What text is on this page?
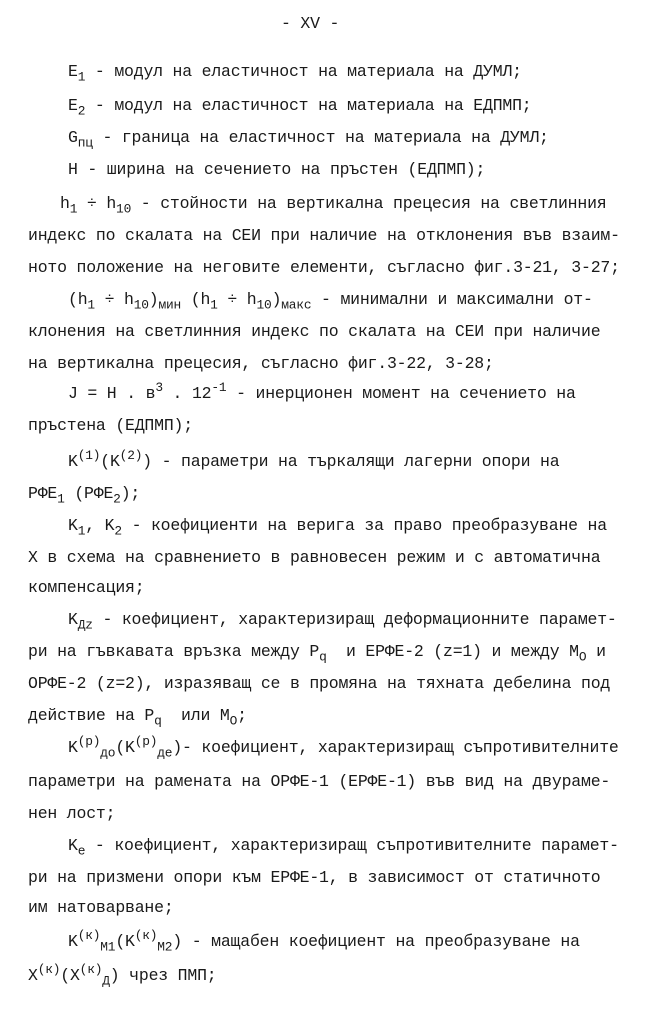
- XV -
$E_1$ - модул на еластичност на материала на ДУМЛ;
$E_2$ - модул на еластичност на материала на ЕДПМП;
$G_{пц}$ - граница на еластичност на материала на ДУМЛ;
H - ширина на сечението на пръстен (ЕДПМП);
$h_1 \div h_{10}$ - стойности на вертикална прецесия на светлинния
индекс по скалата на СЕИ при наличие на отклонения във взаим-
ното положение на неговите елементи, съгласно фиг.3-21, 3-27;
$(h_1 \div h_{10})_{мин}$ $(h_1 \div h_{10})_{макс}$ - минимални и максимални от-
клонения на светлинния индекс по скалата на СЕИ при наличие
на вертикална прецесия, съгласно фиг.3-22, 3-28;
J = H . $в^3$ . $12^{-1}$ - инерционен момент на сечението на
пръстена (ЕДПМП);
$K^{(1)}(K^{(2)})$ - параметри на търкалящи лагерни опори на
$РФЕ_1$ $(РФЕ_2)$;
$K_1$, $K_2$ - коефициенти на верига за право преобразуване на
X в схема на сравнението в равновесен режим и с автоматична
компенсация;
$K_{Дz}$ - коефициент, характеризиращ деформационните парамет-
ри на гъвкавата връзка между $P_q$  и ЕРФЕ-2 (z=1) и между $M_O$ и
ОРФЕ-2 (z=2), изразяващ се в промяна на тяхната дебелина под
действие на $P_q$  или $M_O$;
$K^{(p)}_{до}(K^{(p)}_{де})-$ коефициент, характеризиращ съпротивителните
параметри на рамената на ОРФЕ-1 (ЕРФЕ-1) във вид на двураме-
нен лост;
$K_e$ - коефициент, характеризиращ съпротивителните парамет-
ри на призмени опори към ЕРФЕ-1, в зависимост от статичното
им натоварване;
$K^{(к)}_{M1}(K^{(к)}_{M2})$ - мащабен коефициент на преобразуване на
$X^{(к)}(X^{(к)}_Д)$ чрез ПМП;
